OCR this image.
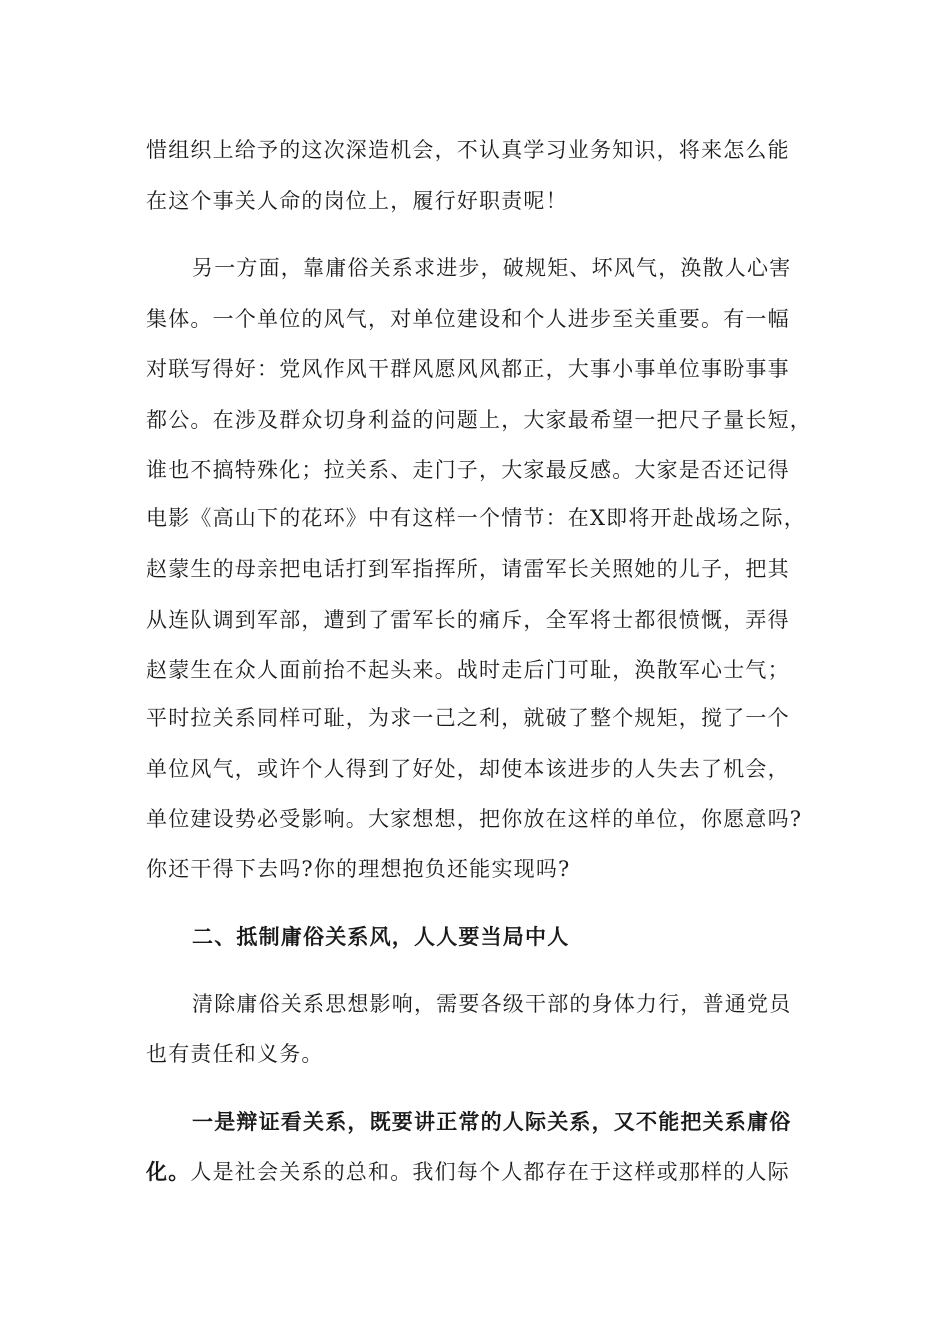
惜组织上给予的这次深造机会，不认真学习业务知识，将来怎么能
在这个事关人命的岗位上，履行好职责呢！
另一方面，靠庸俗关系求进步，破规矩、坏风气，涣散人心害
集体。一个单位的风气，对单位建设和个人进步至关重要。有一幅
对联写得好：党风作风干群风愿风风都正，大事小事单位事盼事事
都公。在涉及群众切身利益的问题上，大家最希望一把尺子量长短，
谁也不搞特殊化；拉关系、走门子，大家最反感。大家是否还记得
电影《高山下的花环》中有这样一个情节：在X即将开赴战场之际，
赵蒙生的母亲把电话打到军指挥所，请雷军长关照她的儿子，把其
从连队调到军部，遭到了雷军长的痛斥，全军将士都很愤慨，弄得
赵蒙生在众人面前抬不起头来。战时走后门可耻，涣散军心士气；
平时拉关系同样可耻，为求一己之利，就破了整个规矩，搅了一个
单位风气，或许个人得到了好处，却使本该进步的人失去了机会，
单位建设势必受影响。大家想想，把你放在这样的单位，你愿意吗?
你还干得下去吗?你的理想抱负还能实现吗?
二、抵制庸俗关系风，人人要当局中人
清除庸俗关系思想影响，需要各级干部的身体力行，普通党员
也有责任和义务。
一是辩证看关系，既要讲正常的人际关系，又不能把关系庸俗
化。人是社会关系的总和。我们每个人都存在于这样或那样的人际
